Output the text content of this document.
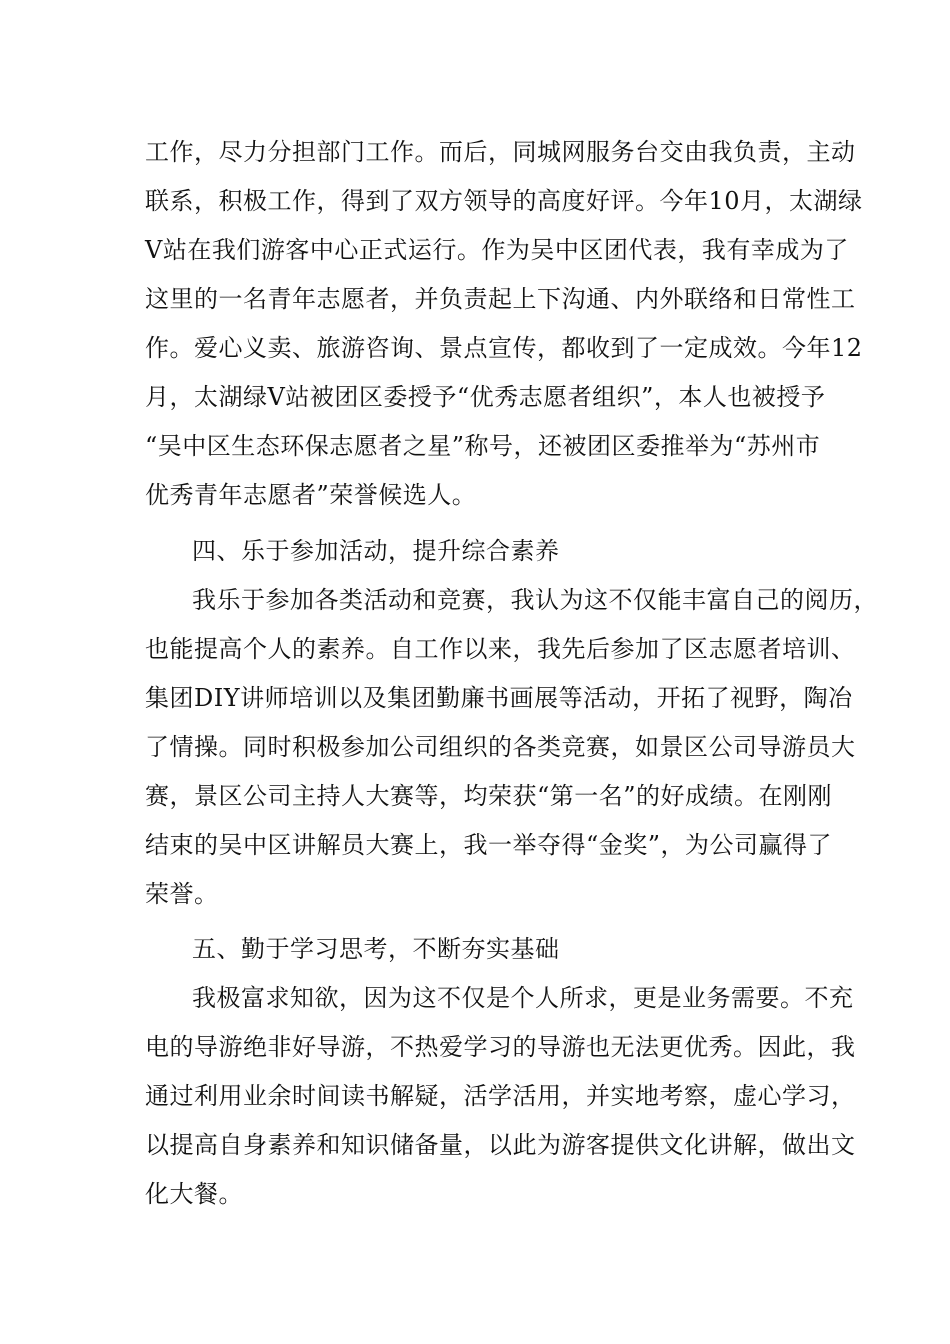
工作，尽力分担部门工作。而后，同城网服务台交由我负责，主动
联系，积极工作，得到了双方领导的高度好评。今年10月，太湖绿
V站在我们游客中心正式运行。作为吴中区团代表，我有幸成为了
这里的一名青年志愿者，并负责起上下沟通、内外联络和日常性工
作。爱心义卖、旅游咨询、景点宣传，都收到了一定成效。今年12
月，太湖绿V站被团区委授予“优秀志愿者组织”，本人也被授予
“吴中区生态环保志愿者之星”称号，还被团区委推举为“苏州市
优秀青年志愿者”荣誉候选人。
四、乐于参加活动，提升综合素养
我乐于参加各类活动和竞赛，我认为这不仅能丰富自己的阅历，
也能提高个人的素养。自工作以来，我先后参加了区志愿者培训、
集团DIY讲师培训以及集团勤廉书画展等活动，开拓了视野，陶冶
了情操。同时积极参加公司组织的各类竞赛，如景区公司导游员大
赛，景区公司主持人大赛等，均荣获“第一名”的好成绩。在刚刚
结束的吴中区讲解员大赛上，我一举夺得“金奖”，为公司赢得了
荣誉。
五、勤于学习思考，不断夯实基础
我极富求知欲，因为这不仅是个人所求，更是业务需要。不充
电的导游绝非好导游，不热爱学习的导游也无法更优秀。因此，我
通过利用业余时间读书解疑，活学活用，并实地考察，虚心学习，
以提高自身素养和知识储备量，以此为游客提供文化讲解，做出文
化大餐。
